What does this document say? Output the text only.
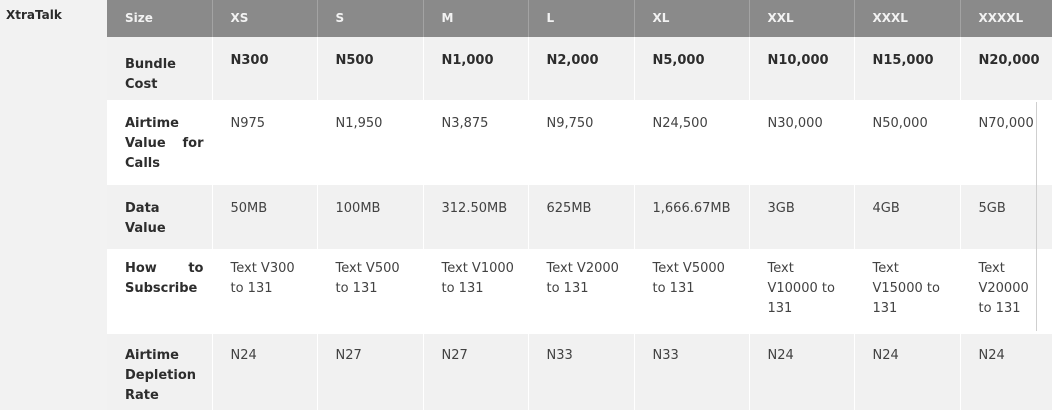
XtraTalk	Size	XS	S	M	L	XL	XXL	XXXL	XXXXL
Bundle Cost	N300	N500	N1,000	N2,000	N5,000	N10,000	N15,000	N20,000
Airtime Value for Calls	N975	N1,950	N3,875	N9,750	N24,500	N30,000	N50,000	N70,000
Data Value	50MB	100MB	312.50MB	625MB	1,666.67MB	3GB	4GB	5GB
How to Subscribe	Text V300 to 131	Text V500 to 131	Text V1000 to 131	Text V2000 to 131	Text V5000 to 131	Text V10000 to 131	Text V15000 to 131	Text V20000 to 131
Airtime Depletion Rate	N24	N27	N27	N33	N33	N24	N24	N24
